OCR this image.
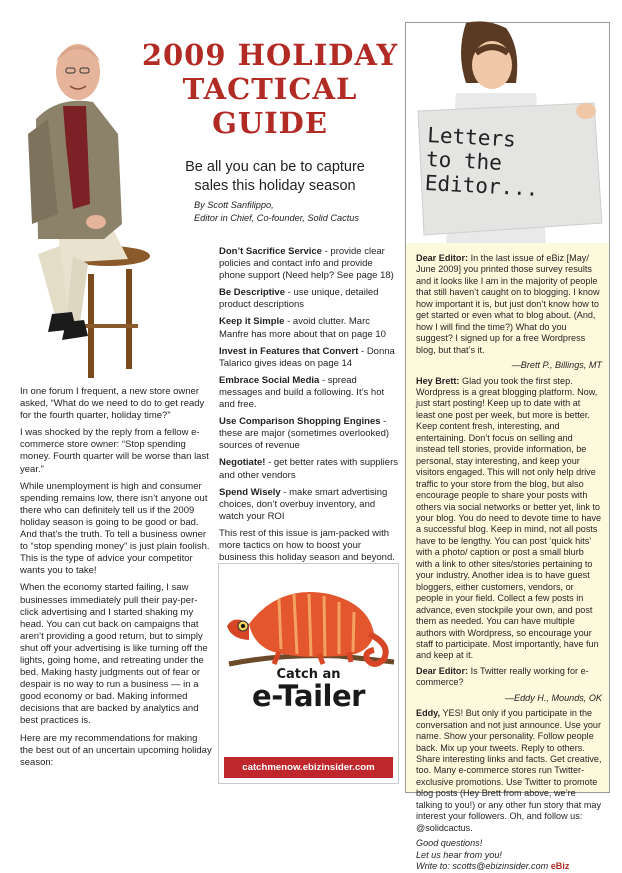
2009 HOLIDAY
TACTICAL
GUIDE
Be all you can be to capture
sales this holiday season
By Scott Sanfilippo,
Editor in Chief, Co-founder, Solid Cactus

In one forum I frequent, a new store owner asked, “What do we need to do to get ready for the fourth quarter, holiday time?”

I was shocked by the reply from a fellow e-commerce store owner: “Stop spending money. Fourth quarter will be worse than last year.”

While unemployment is high and consumer spending remains low, there isn’t anyone out there who can definitely tell us if the 2009 holiday season is going to be good or bad. And that’s the truth. To tell a business owner to “stop spending money” is just plain foolish. This is the type of advice your competitor wants you to take!

When the economy started failing, I saw businesses immediately pull their pay-per-click advertising and I started shaking my head. You can cut back on campaigns that aren’t providing a good return, but to simply shut off your advertising is like turning off the lights, going home, and retreating under the bed. Making hasty judgments out of fear or despair is no way to run a business — in a good economy or bad. Making informed decisions that are backed by analytics and best practices is.

Here are my recommendations for making the best out of an uncertain upcoming holiday season:

Don’t Sacrifice Service - provide clear policies and contact info and provide phone support (Need help? See page 18)
Be Descriptive - use unique, detailed product descriptions
Keep it Simple - avoid clutter. Marc Manfre has more about that on page 10
Invest in Features that Convert - Donna Talarico gives ideas on page 14
Embrace Social Media - spread messages and build a following. It’s hot and free.
Use Comparison Shopping Engines - these are major (sometimes overlooked) sources of revenue
Negotiate! - get better rates with suppliers and other vendors
Spend Wisely - make smart advertising choices, don’t overbuy inventory, and watch your ROI

This rest of this issue is jam-packed with more tactics on how to boost your business this holiday season and beyond.

Catch an
e-Tailer
catchmenow.ebizinsider.com
Letters
to the
Editor...

Dear Editor: In the last issue of eBiz [May/ June 2009] you printed those survey results and it looks like I am in the majority of people that still haven’t caught on to blogging. I know how important it is, but just don’t know how to get started or even what to blog about. (And, how I will find the time?) What do you suggest? I signed up for a free Wordpress blog, but that’s it.

—Brett P., Billings, MT

Hey Brett: Glad you took the first step. Wordpress is a great blogging platform. Now, just start posting! Keep up to date with at least one post per week, but more is better. Keep content fresh, interesting, and entertaining. Don’t focus on selling and instead tell stories, provide information, be personal, stay interesting, and keep your visitors engaged. This will not only help drive traffic to your store from the blog, but also encourage people to share your posts with others via social networks or better yet, link to your blog. You do need to devote time to have a successful blog. Keep in mind, not all posts have to be lengthy. You can post ‘quick hits’ with a photo/ caption or post a small blurb with a link to other sites/stories pertaining to your industry. Another idea is to have guest bloggers, either customers, vendors, or people in your field. Collect a few posts in advance, even stockpile your own, and post them as needed. You can have multiple authors with Wordpress, so encourage your staff to participate. Most importantly, have fun and keep at it.

Dear Editor: Is Twitter really working for e-commerce?

—Eddy H., Mounds, OK

Eddy, YES! But only if you participate in the conversation and not just announce. Use your name. Show your personality. Follow people back. Mix up your tweets. Reply to others. Share interesting links and facts. Get creative, too. Many e-commerce stores run Twitter-exclusive promotions. Use Twitter to promote blog posts (Hey Brett from above, we’re talking to you!) or any other fun story that may interest your followers. Oh, and follow us: @solidcactus.

Good questions!
Let us hear from you!
Write to: scotts@ebizinsider.com eBiz
